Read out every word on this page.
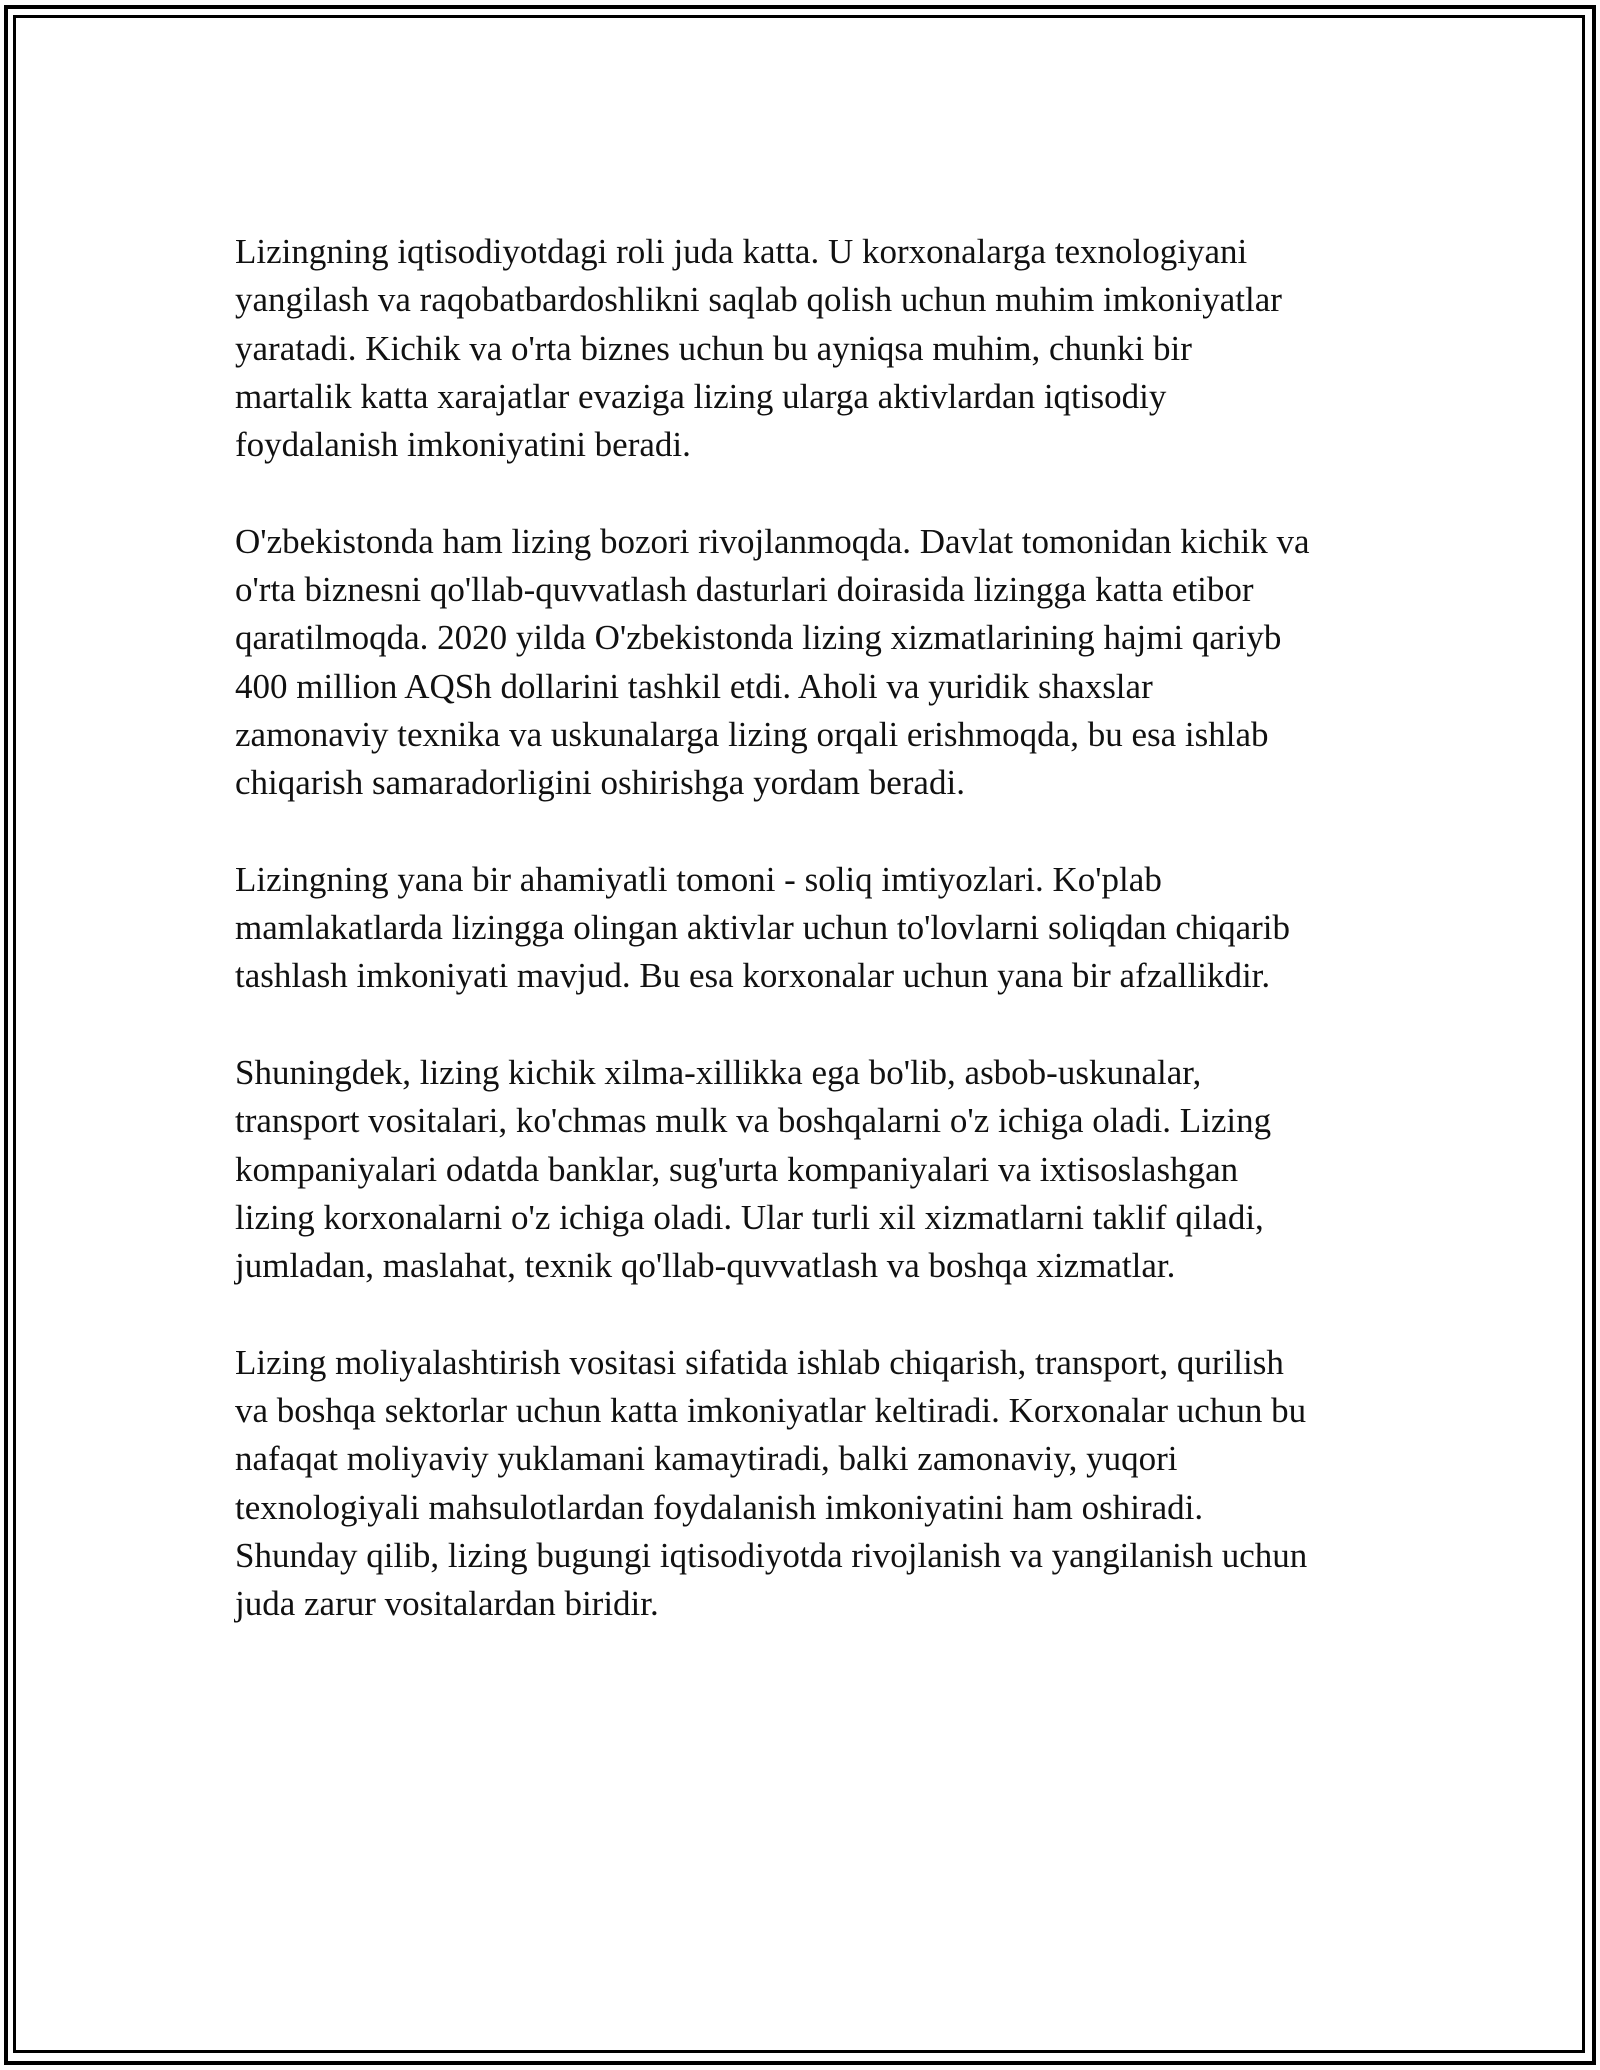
Lizingning iqtisodiyotdagi roli juda katta. U korxonalarga texnologiyani
yangilash va raqobatbardoshlikni saqlab qolish uchun muhim imkoniyatlar
yaratadi. Kichik va o'rta biznes uchun bu ayniqsa muhim, chunki bir
martalik katta xarajatlar evaziga lizing ularga aktivlardan iqtisodiy
foydalanish imkoniyatini beradi.

O'zbekistonda ham lizing bozori rivojlanmoqda. Davlat tomonidan kichik va
o'rta biznesni qo'llab-quvvatlash dasturlari doirasida lizingga katta etibor
qaratilmoqda. 2020 yilda O'zbekistonda lizing xizmatlarining hajmi qariyb
400 million AQSh dollarini tashkil etdi. Aholi va yuridik shaxslar
zamonaviy texnika va uskunalarga lizing orqali erishmoqda, bu esa ishlab
chiqarish samaradorligini oshirishga yordam beradi.

Lizingning yana bir ahamiyatli tomoni - soliq imtiyozlari. Ko'plab
mamlakatlarda lizingga olingan aktivlar uchun to'lovlarni soliqdan chiqarib
tashlash imkoniyati mavjud. Bu esa korxonalar uchun yana bir afzallikdir.

Shuningdek, lizing kichik xilma-xillikka ega bo'lib, asbob-uskunalar,
transport vositalari, ko'chmas mulk va boshqalarni o'z ichiga oladi. Lizing
kompaniyalari odatda banklar, sug'urta kompaniyalari va ixtisoslashgan
lizing korxonalarni o'z ichiga oladi. Ular turli xil xizmatlarni taklif qiladi,
jumladan, maslahat, texnik qo'llab-quvvatlash va boshqa xizmatlar.

Lizing moliyalashtirish vositasi sifatida ishlab chiqarish, transport, qurilish
va boshqa sektorlar uchun katta imkoniyatlar keltiradi. Korxonalar uchun bu
nafaqat moliyaviy yuklamani kamaytiradi, balki zamonaviy, yuqori
texnologiyali mahsulotlardan foydalanish imkoniyatini ham oshiradi.
Shunday qilib, lizing bugungi iqtisodiyotda rivojlanish va yangilanish uchun
juda zarur vositalardan biridir.
